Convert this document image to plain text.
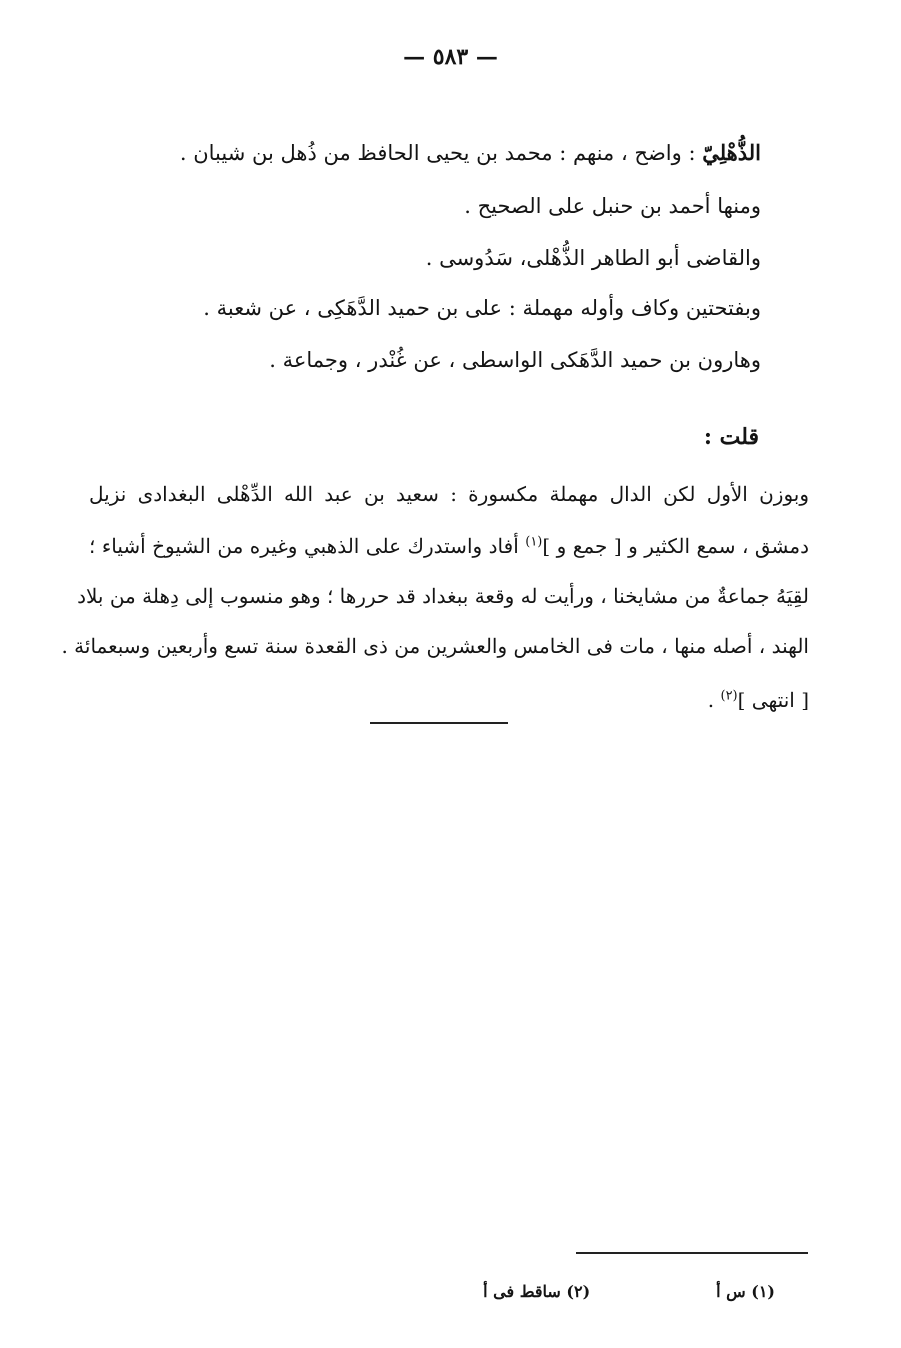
— ٥٨٣ —
الذُّهْلِيّ : واضح ، منهم : محمد بن يحيى الحافظ من ذُهل بن شيبان .
ومنها أحمد بن حنبل على الصحيح .
والقاضى أبو الطاهر الذُّهْلى، سَدُوسى .
وبفتحتين وكاف وأوله مهملة : على بن حميد الدَّهَكِى ، عن شعبة .
وهارون بن حميد الدَّهَكى الواسطى ، عن غُنْدر ، وجماعة .
قلت :
وبوزن الأول لكن الدال مهملة مكسورة : سعيد بن عبد الله الدِّهْلى البغدادى نزيل
دمشق ، سمع الكثير و [ جمع و ]$^{(١)}$ أفاد واستدرك على الذهبي وغيره من الشيوخ أشياء ؛
لقِيَهُ جماعةٌ من مشايخنا ، ورأيت له وقعة ببغداد قد حررها ؛ وهو منسوب إلى دِهلة من بلاد
الهند ، أصله منها ، مات فى الخامس والعشرين من ذى القعدة سنة تسع وأربعين وسبعمائة .
[ انتهى ]$^{(٢)}$ .
(١) س أ(٢) ساقط فى أ
